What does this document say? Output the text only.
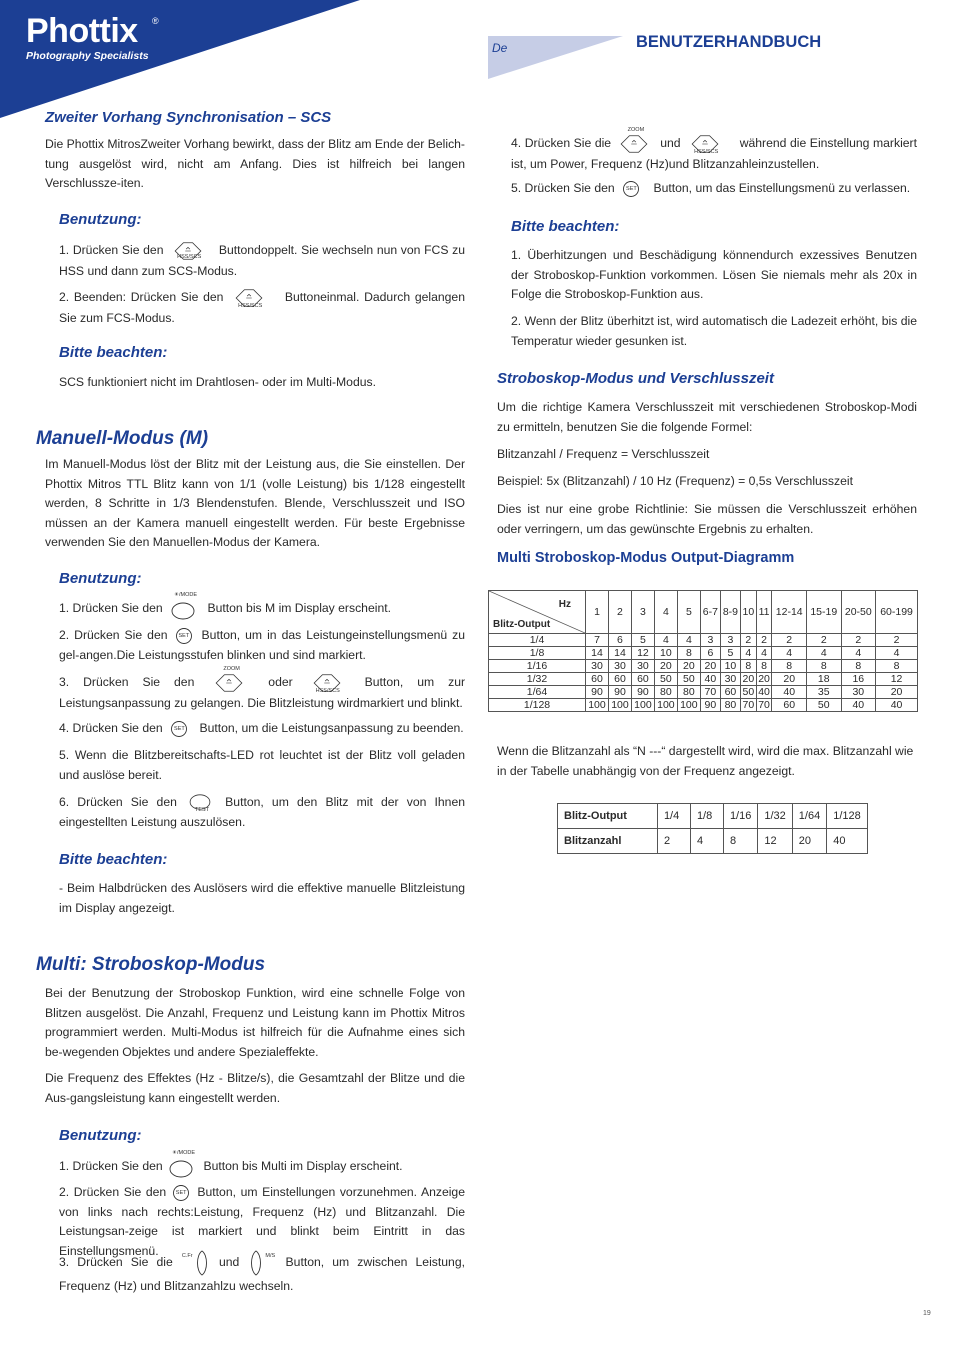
Phottix ®
Photography Specialists
De	BENUTZERHANDBUCH
Zweiter Vorhang Synchronisation – SCS
Die Phottix MitrosZweiter Vorhang bewirkt, dass der Blitz am Ende der Belich-tung ausgelöst wird, nicht am Anfang. Dies ist hilfreich bei langen Verschlussze-iten.
Benutzung:
1. Drücken Sie den HSS/SCS Buttondoppelt. Sie wechseln nun von FCS zu HSS und dann zum SCS-Modus.
2. Beenden: Drücken Sie den
HSS/SCS
Buttoneinmal. Dadurch gelangen Sie zum FCS-Modus.
Bitte beachten:
SCS funktioniert nicht im Drahtlosen- oder im Multi-Modus.
Manuell-Modus (M)
Im Manuell-Modus löst der Blitz mit der Leistung aus, die Sie einstellen. Der Phottix Mitros TTL Blitz kann von 1/1 (volle Leistung) bis 1/128 eingestellt werden, 8 Schritte in 1/3 Blendenstufen. Blende, Verschlusszeit und ISO müssen an der Kamera manuell eingestellt werden. Für beste Ergebnisse verwenden Sie den Manuellen-Modus der Kamera.
Benutzung:
1. Drücken Sie den
☀/MODE
Button bis M im Display erscheint.
2. Drücken Sie den SET Button, um in das Leistungeinstellungsmenü zu gel-angen.Die Leistungsstufen blinken und sind markiert.
3. Drücken Sie den
ZOOM
oder
HSS/SCS
Button, um zur Leistungsanpassung zu gelangen. Die Blitzleistung wirdmarkiert und blinkt.
4. Drücken Sie den SET Button, um die Leistungsanpassung zu beenden.
5. Wenn die Blitzbereitschafts-LED rot leuchtet ist der Blitz voll geladen und auslöse bereit.
6. Drücken Sie den
TEST
Button, um den Blitz mit der von Ihnen eingestellten Leistung auszulösen.
Bitte beachten:
- Beim Halbdrücken des Auslösers wird die effektive manuelle Blitzleistung im Display angezeigt.
Multi: Stroboskop-Modus
Bei der Benutzung der Stroboskop Funktion, wird eine schnelle Folge von Blitzen ausgelöst. Die Anzahl, Frequenz und Leistung kann im Phottix Mitros programmiert werden. Multi-Modus ist hilfreich für die Aufnahme eines sich be-wegenden Objektes und andere Spezialeffekte.
Die Frequenz des Effektes (Hz - Blitze/s), die Gesamtzahl der Blitze und die Aus-gangsleistung kann eingestellt werden.
Benutzung:
1. Drücken Sie den
☀/MODE
Button bis Multi im Display erscheint.
2. Drücken Sie den SET Button, um Einstellungen vorzunehmen. Anzeige von links nach rechts:Leistung, Frequenz (Hz) und Blitzanzahl. Die Leistungsan-zeige ist markiert und blinkt beim Eintritt in das Einstellungsmenü.
3. Drücken Sie die C.Fr und	M/S Button, um zwischen Leistung, Frequenz (Hz) und Blitzanzahlzu wechseln.
4. Drücken Sie die
ZOOM
und
HSS/SCS
während die Einstellung markiert ist, um Power, Frequenz (Hz)und Blitzanzahleinzustellen.
5. Drücken Sie den SET Button, um das Einstellungsmenü zu verlassen.
Bitte beachten:
1. Überhitzungen und Beschädigung könnendurch exzessives Benutzen der Stroboskop-Funktion vorkommen. Lösen Sie niemals mehr als 20x in Folge die Stroboskop-Funktion aus.
2. Wenn der Blitz überhitzt ist, wird automatisch die Ladezeit erhöht, bis die Temperatur wieder gesunken ist.
Stroboskop-Modus und Verschlusszeit
Um die richtige Kamera Verschlusszeit mit verschiedenen Stroboskop-Modi zu ermitteln, benutzen Sie die folgende Formel:
Blitzanzahl / Frequenz = Verschlusszeit
Beispiel: 5x (Blitzanzahl) / 10 Hz (Frequenz) = 0,5s Verschlusszeit
Dies ist nur eine grobe Richtlinie: Sie müssen die Verschlusszeit erhöhen oder verringern, um das gewünschte Ergebnis zu erhalten.
Multi Stroboskop-Modus Output-Diagramm
Hz
Blitz-Output	1	2	3	4	5	6-7	8-9	10	11	12-14	15-19	20-50	60-199
1/4	7	6	5	4	4	3	3	2	2	2	2	2	2
1/8	14	14	12	10	8	6	5	4	4	4	4	4	4
1/16	30	30	30	20	20	20	10	8	8	8	8	8	8
1/32	60	60	60	50	50	40	30	20	20	20	18	16	12
1/64	90	90	90	80	80	70	60	50	40	40	35	30	20
1/128	100	100	100	100	100	90	80	70	70	60	50	40	40
Wenn die Blitzanzahl als “N ---“ dargestellt wird, wird die max. Blitzanzahl wie in der Tabelle unabhängig von der Frequenz angezeigt.
Blitz-Output	1/4	1/8	1/16	1/32	1/64	1/128
Blitzanzahl	2	4	8	12	20	40
19
